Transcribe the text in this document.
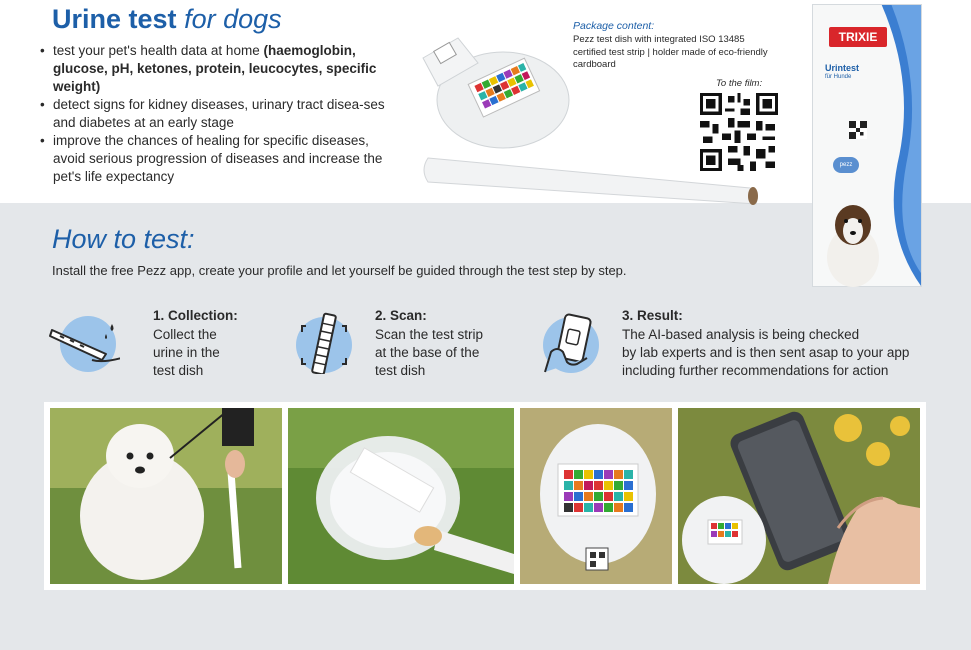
Urine test for dogs
• test your pet's health data at home (haemoglobin, glucose, pH, ketones, protein, leucocytes, specific weight)
• detect signs for kidney diseases, urinary tract disea-ses and diabetes at an early stage
• improve the chances of healing for specific diseases, avoid serious progression of diseases and increase the pet's life expectancy
Package content:
Pezz test dish with integrated ISO 13485 certified test strip | holder made of eco-friendly cardboard
To the film:
TRIXIE
Urintest
für Hunde
pezz
How to test:
Install the free Pezz app, create your profile and let yourself be guided through the test step by step.
1. Collection:
Collect the
urine in the
test dish
2. Scan:
Scan the test strip
at the base of the
test dish
3. Result:
The AI-based analysis is being checked
by lab experts and is then sent asap to your app
including further recommendations for action
